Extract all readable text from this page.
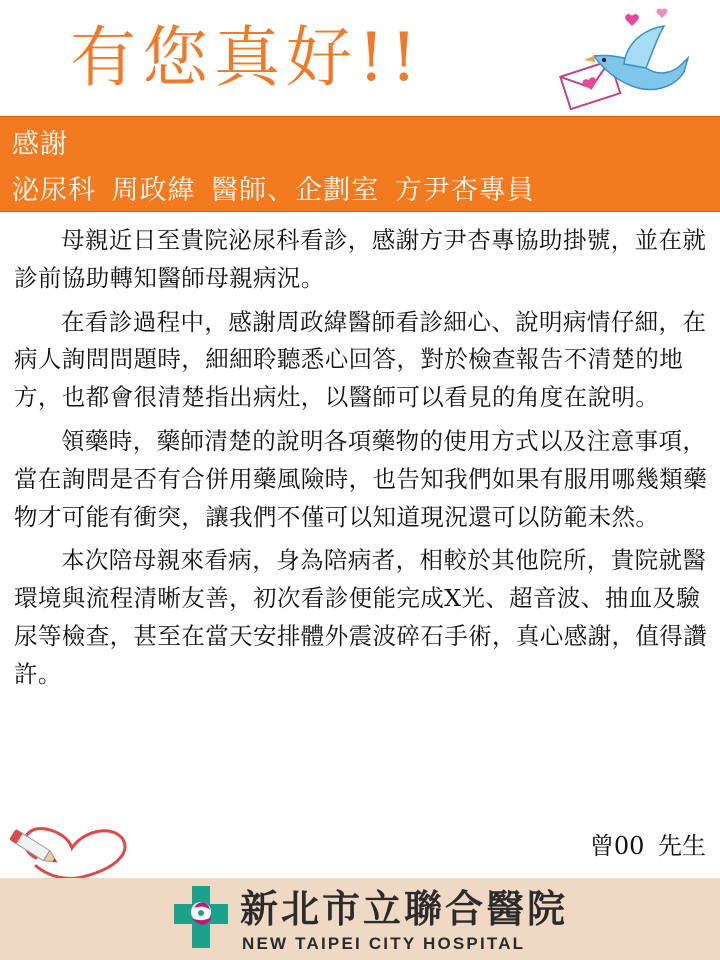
有您真好!!
感謝
泌尿科 周政緯 醫師、企劃室 方尹杏專員

母親近日至貴院泌尿科看診，感謝方尹杏專協助掛號，並在就診前協助轉知醫師母親病況。

在看診過程中，感謝周政緯醫師看診細心、說明病情仔細，在病人詢問問題時，細細聆聽悉心回答，對於檢查報告不清楚的地方，也都會很清楚指出病灶，以醫師可以看見的角度在說明。

領藥時，藥師清楚的說明各項藥物的使用方式以及注意事項，當在詢問是否有合併用藥風險時，也告知我們如果有服用哪幾類藥物才可能有衝突，讓我們不僅可以知道現況還可以防範未然。

本次陪母親來看病，身為陪病者，相較於其他院所，貴院就醫環境與流程清晰友善，初次看診便能完成X光、超音波、抽血及驗尿等檢查，甚至在當天安排體外震波碎石手術，真心感謝，值得讚許。

曾00 先生
新北市立聯合醫院
NEW TAIPEI CITY HOSPITAL
